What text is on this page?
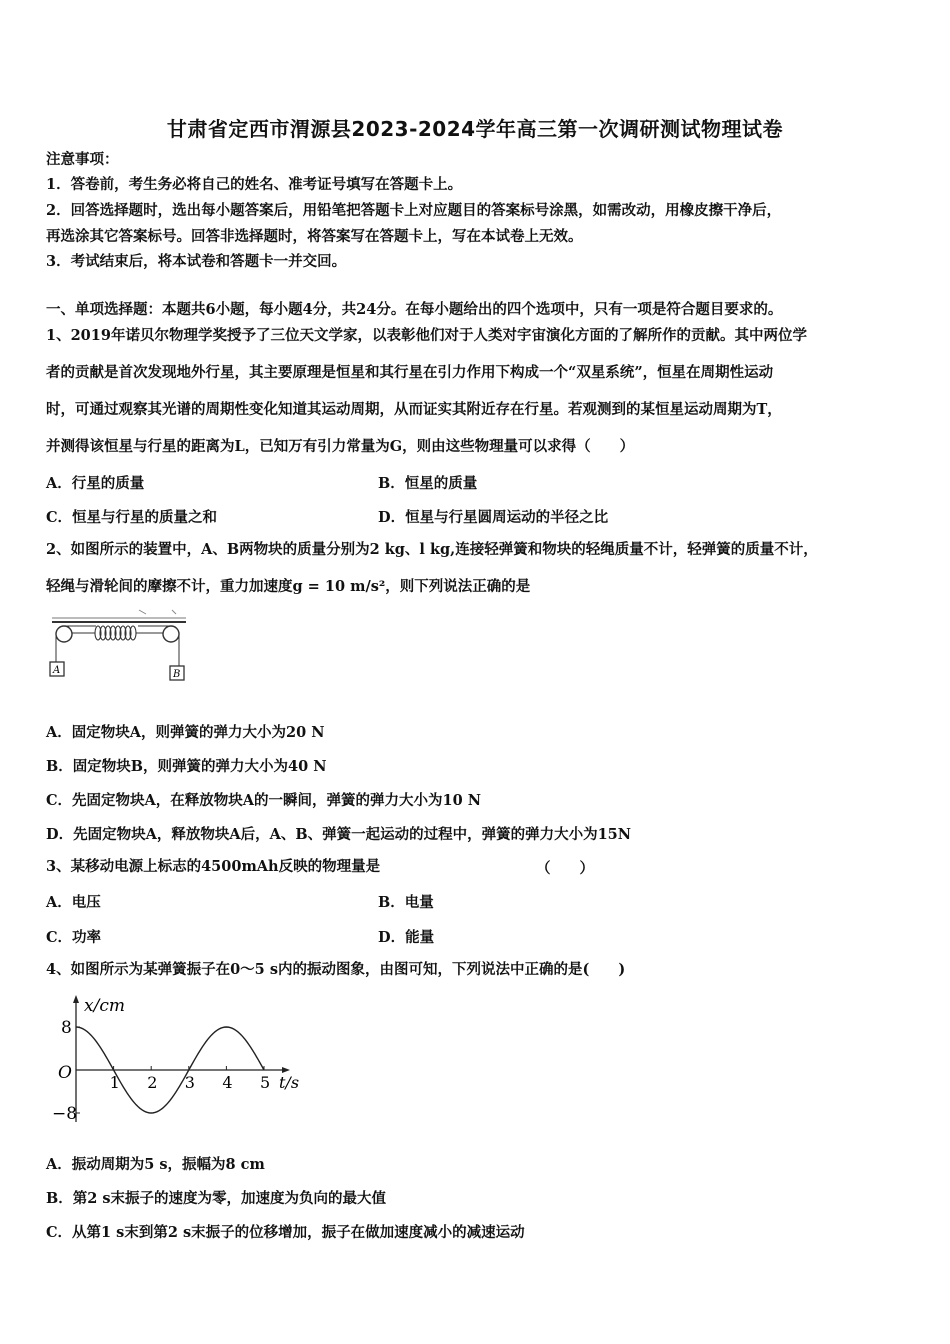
甘肃省定西市渭源县2023-2024学年高三第一次调研测试物理试卷
注意事项：
1．答卷前，考生务必将自己的姓名、准考证号填写在答题卡上。
2．回答选择题时，选出每小题答案后，用铅笔把答题卡上对应题目的答案标号涂黑，如需改动，用橡皮擦干净后，
再选涂其它答案标号。回答非选择题时，将答案写在答题卡上，写在本试卷上无效。
3．考试结束后，将本试卷和答题卡一并交回。
一、单项选择题：本题共6小题，每小题4分，共24分。在每小题给出的四个选项中，只有一项是符合题目要求的。
1、2019年诺贝尔物理学奖授予了三位天文学家，以表彰他们对于人类对宇宙演化方面的了解所作的贡献。其中两位学
者的贡献是首次发现地外行星，其主要原理是恒星和其行星在引力作用下构成一个“双星系统”，恒星在周期性运动
时，可通过观察其光谱的周期性变化知道其运动周期，从而证实其附近存在行星。若观测到的某恒星运动周期为T，
并测得该恒星与行星的距离为L，已知万有引力常量为G，则由这些物理量可以求得（　　）
A．行星的质量	B．恒星的质量
C．恒星与行星的质量之和	D．恒星与行星圆周运动的半径之比
2、如图所示的装置中，A、B两物块的质量分别为2 kg、l kg,连接轻弹簧和物块的轻绳质量不计，轻弹簧的质量不计，
轻绳与滑轮间的摩擦不计，重力加速度g = 10 m/s²，则下列说法正确的是
A	B
A．固定物块A，则弹簧的弹力大小为20 N
B．固定物块B，则弹簧的弹力大小为40 N
C．先固定物块A，在释放物块A的一瞬间，弹簧的弹力大小为10 N
D．先固定物块A，释放物块A后，A、B、弹簧一起运动的过程中，弹簧的弹力大小为15N
3、某移动电源上标志的4500mAh反映的物理量是	（　　）
A．电压	B．电量
C．功率	D．能量
4、如图所示为某弹簧振子在0～5 s内的振动图象，由图可知，下列说法中正确的是(　　)
x/cm
t/s
O 1 2 3 4 5
8
−8
A．振动周期为5 s，振幅为8 cm
B．第2 s末振子的速度为零，加速度为负向的最大值
C．从第1 s末到第2 s末振子的位移增加，振子在做加速度减小的减速运动
